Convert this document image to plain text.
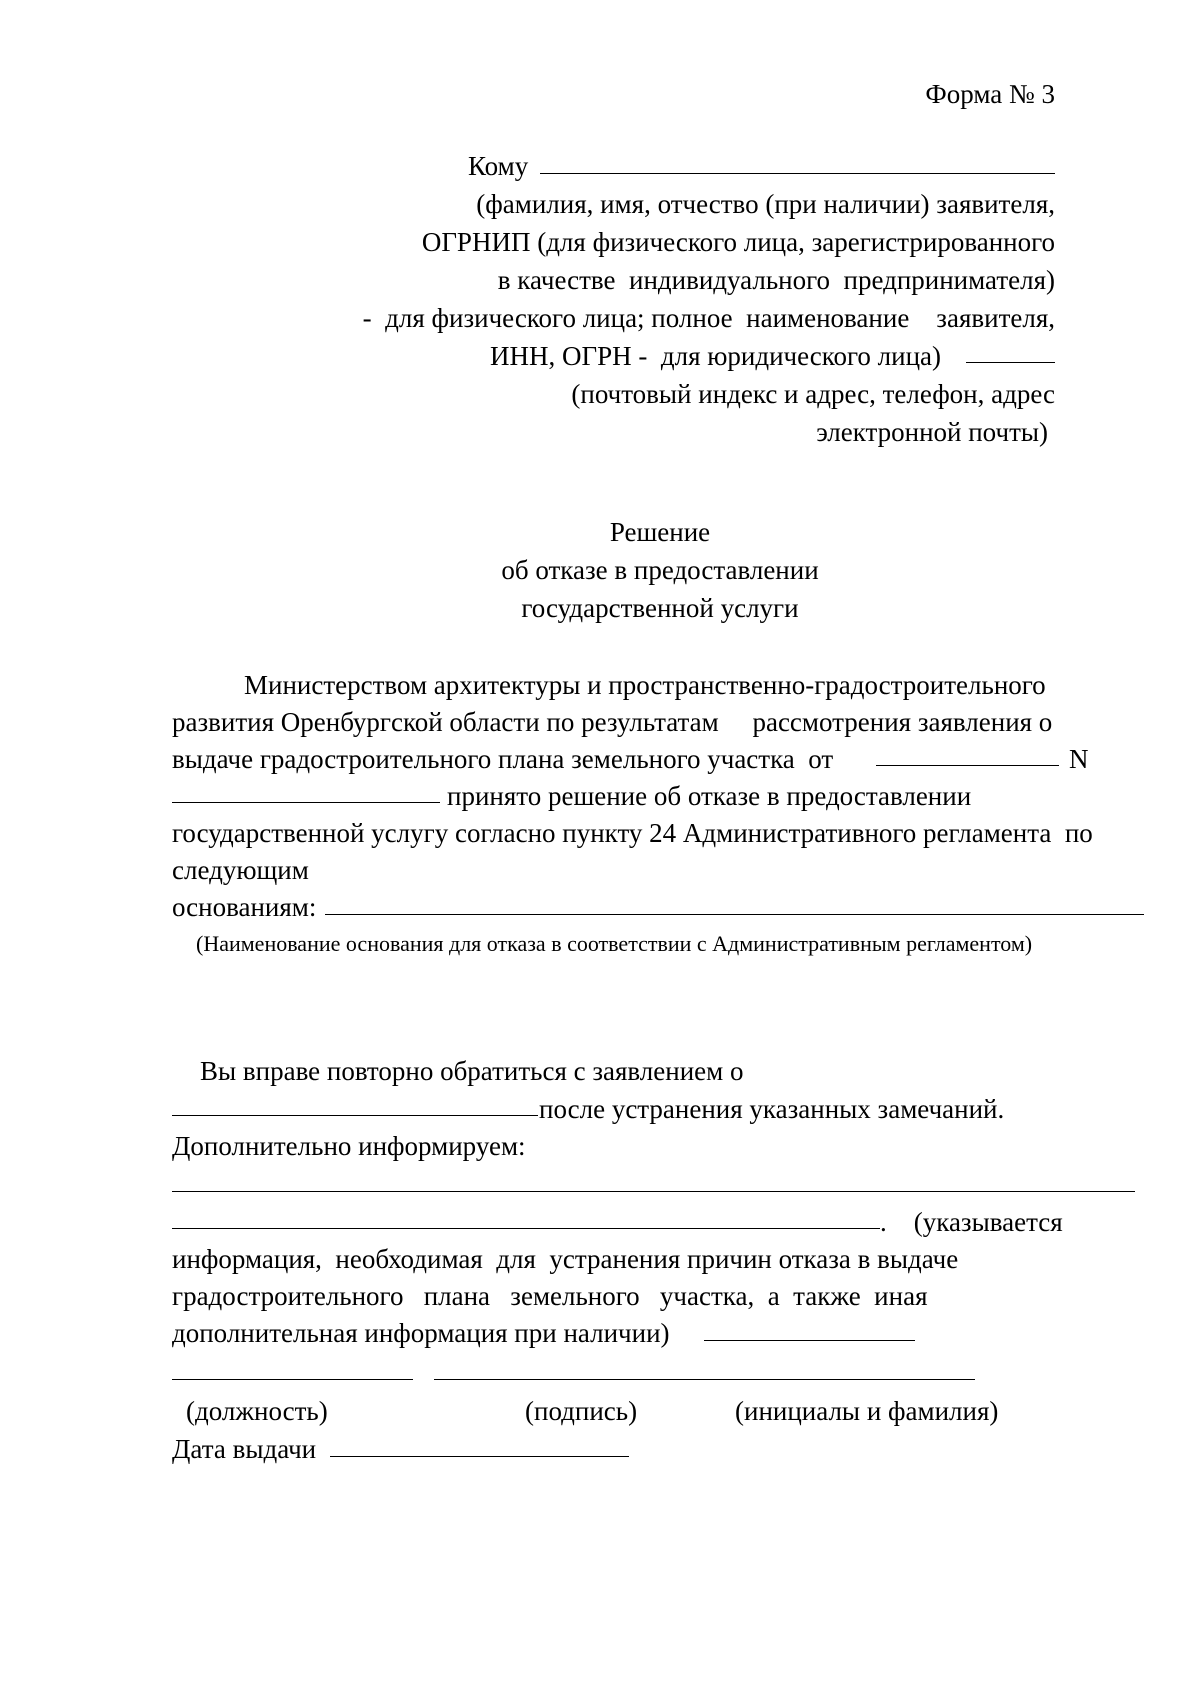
Форма № 3
Кому
(фамилия, имя, отчество (при наличии) заявителя,
ОГРНИП (для физического лица, зарегистрированного
в качестве  индивидуального  предпринимателя)
-  для физического лица; полное  наименование    заявителя,
ИНН, ОГРН -  для юридического лица)
(почтовый индекс и адрес, телефон, адрес
электронной почты)
Решение
об отказе в предоставлении
государственной услуги
Министерством архитектуры и пространственно-градостроительного
развития Оренбургской области по результатам     рассмотрения заявления о
выдаче градостроительного плана земельного участка  от	N
принято решение об отказе в предоставлении
государственной услугу согласно пункту 24 Административного регламента  по
следующим
основаниям:
(Наименование основания для отказа в соответствии с Административным регламентом)
Вы вправе повторно обратиться с заявлением о
после устранения указанных замечаний.
Дополнительно информируем:
.    (указывается
информация,  необходимая  для  устранения причин отказа в выдаче
градостроительного   плана   земельного   участка,  а  также  иная
дополнительная информация при наличии)
(должность)	(подпись)	(инициалы и фамилия)
Дата выдачи
